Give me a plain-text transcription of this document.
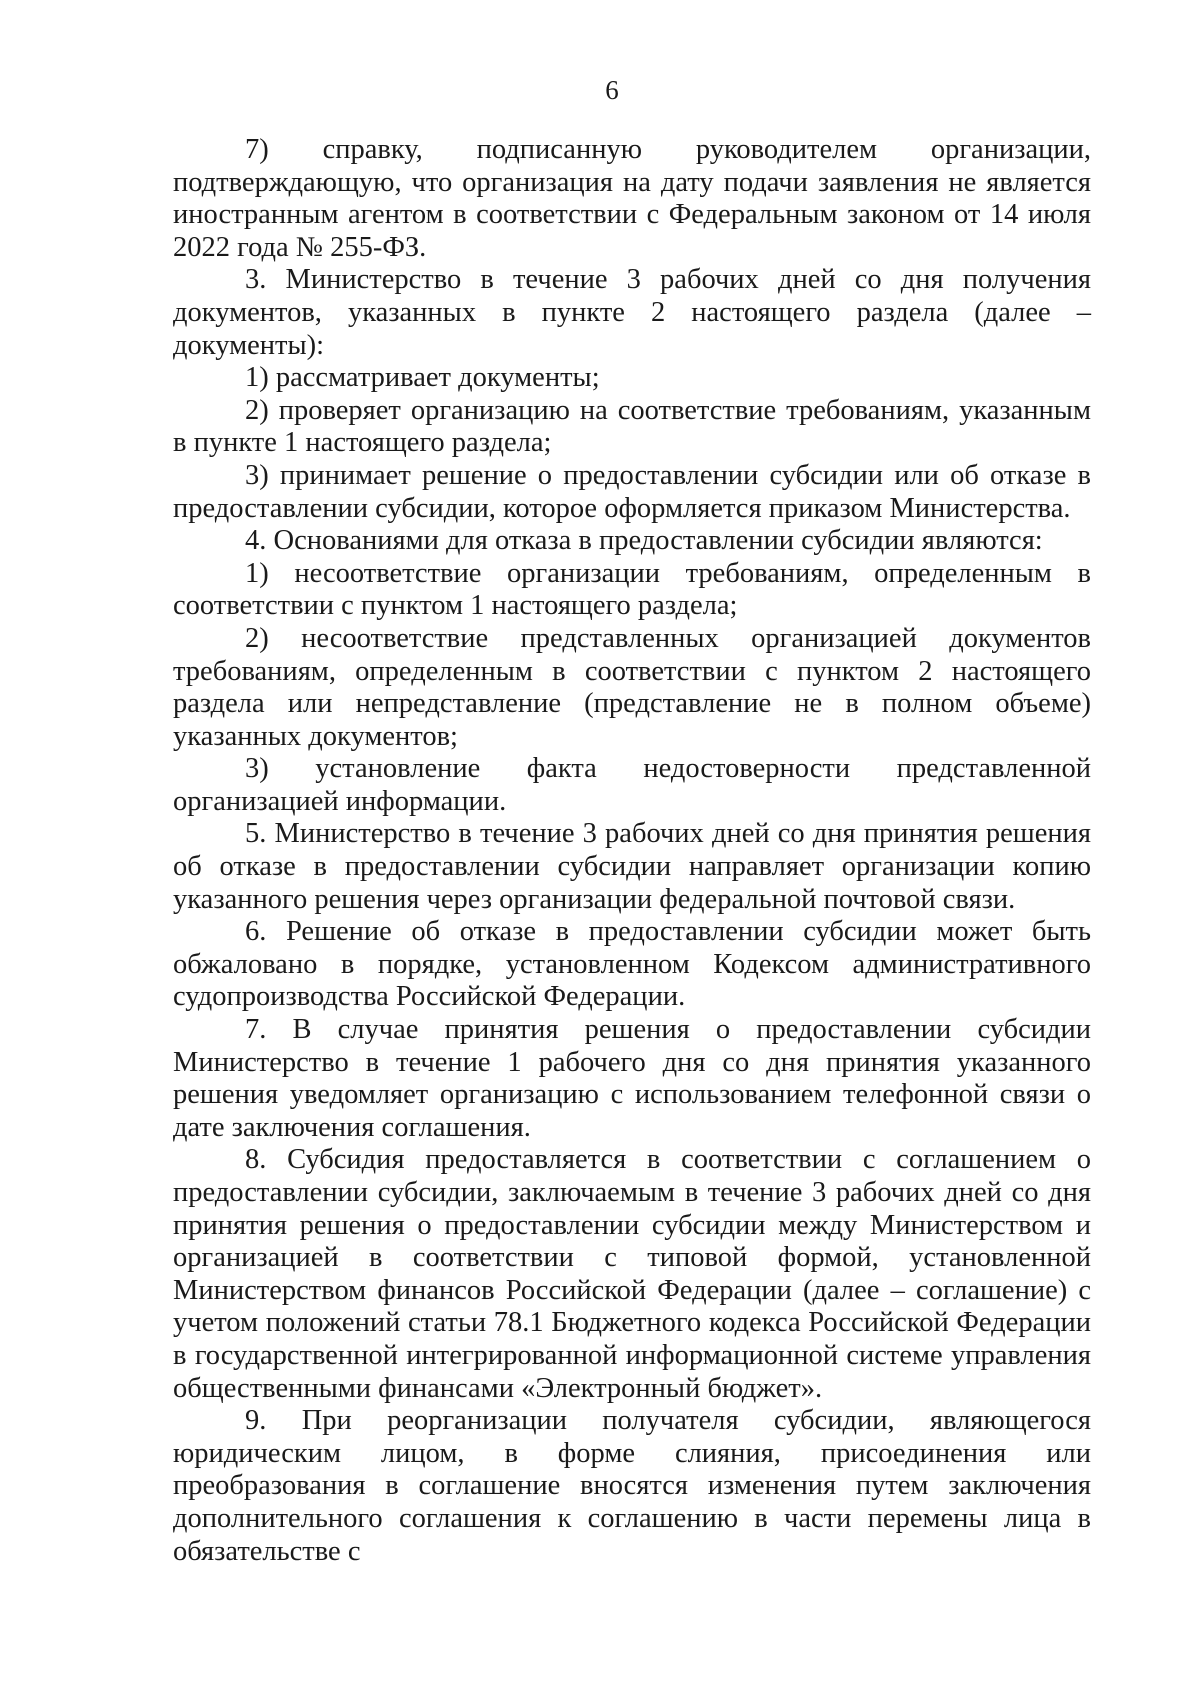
6

7) справку, подписанную руководителем организации, подтверждающую, что организация на дату подачи заявления не является иностранным агентом в соответствии с Федеральным законом от 14 июля 2022 года № 255-ФЗ.

3. Министерство в течение 3 рабочих дней со дня получения документов, указанных в пункте 2 настоящего раздела (далее – документы):

1) рассматривает документы;

2) проверяет организацию на соответствие требованиям, указанным в пункте 1 настоящего раздела;

3) принимает решение о предоставлении субсидии или об отказе в предоставлении субсидии, которое оформляется приказом Министерства.

4. Основаниями для отказа в предоставлении субсидии являются:

1) несоответствие организации требованиям, определенным в соответствии с пунктом 1 настоящего раздела;

2) несоответствие представленных организацией документов требованиям, определенным в соответствии с пунктом 2 настоящего раздела или непредставление (представление не в полном объеме) указанных документов;

3) установление факта недостоверности представленной организацией информации.

5. Министерство в течение 3 рабочих дней со дня принятия решения об отказе в предоставлении субсидии направляет организации копию указанного решения через организации федеральной почтовой связи.

6. Решение об отказе в предоставлении субсидии может быть обжаловано в порядке, установленном Кодексом административного судопроизводства Российской Федерации.

7. В случае принятия решения о предоставлении субсидии Министерство в течение 1 рабочего дня со дня принятия указанного решения уведомляет организацию с использованием телефонной связи о дате заключения соглашения.

8. Субсидия предоставляется в соответствии с соглашением о предоставлении субсидии, заключаемым в течение 3 рабочих дней со дня принятия решения о предоставлении субсидии между Министерством и организацией в соответствии с типовой формой, установленной Министерством финансов Российской Федерации (далее – соглашение) с учетом положений статьи 78.1 Бюджетного кодекса Российской Федерации в государственной интегрированной информационной системе управления общественными финансами «Электронный бюджет».

9. При реорганизации получателя субсидии, являющегося юридическим лицом, в форме слияния, присоединения или преобразования в соглашение вносятся изменения путем заключения дополнительного соглашения к соглашению в части перемены лица в обязательстве с
